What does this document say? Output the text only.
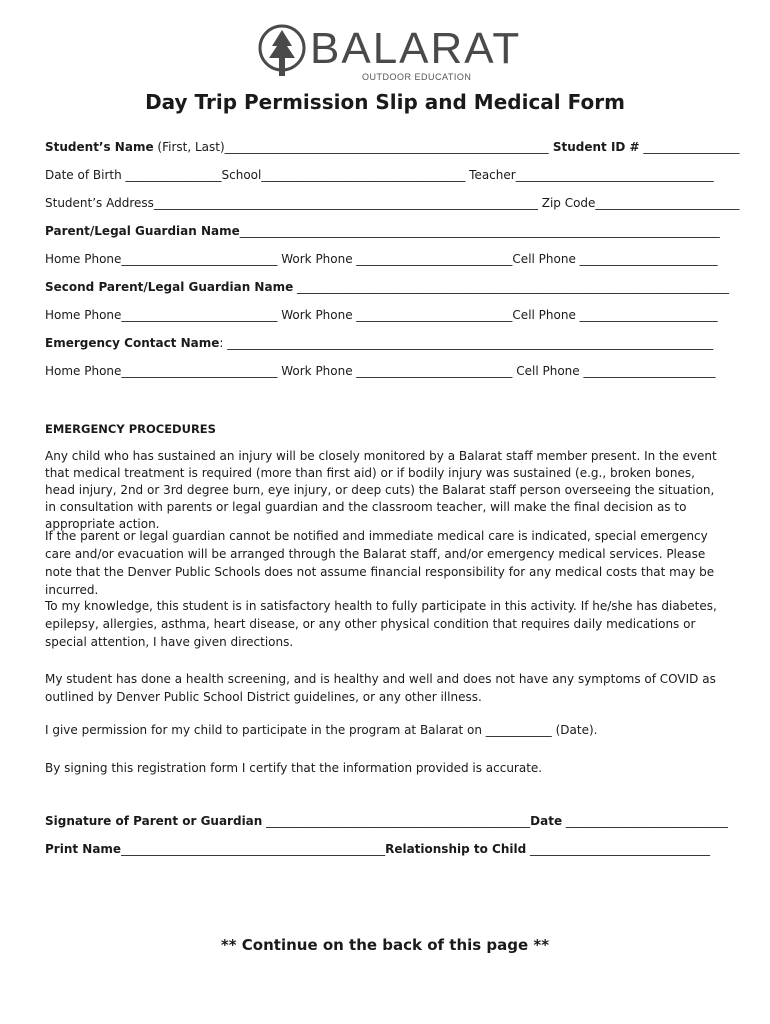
BALARAT
OUTDOOR EDUCATION
Day Trip Permission Slip and Medical Form
Student’s Name (First, Last)______________________________________________________ Student ID # ________________
Date of Birth ________________School__________________________________ Teacher_________________________________
Student’s Address________________________________________________________________ Zip Code________________________
Parent/Legal Guardian Name________________________________________________________________________________
Home Phone__________________________ Work Phone __________________________Cell Phone _______________________
Second Parent/Legal Guardian Name ________________________________________________________________________
Home Phone__________________________ Work Phone __________________________Cell Phone _______________________
Emergency Contact Name: _________________________________________________________________________________
Home Phone__________________________ Work Phone __________________________ Cell Phone ______________________
EMERGENCY PROCEDURES
Any child who has sustained an injury will be closely monitored by a Balarat staff member present. In the event that medical treatment is required (more than first aid) or if bodily injury was sustained (e.g., broken bones, head injury, 2nd or 3rd degree burn, eye injury, or deep cuts) the Balarat staff person overseeing the situation, in consultation with parents or legal guardian and the classroom teacher, will make the final decision as to appropriate action.
If the parent or legal guardian cannot be notified and immediate medical care is indicated, special emergency care and/or evacuation will be arranged through the Balarat staff, and/or emergency medical services. Please note that the Denver Public Schools does not assume financial responsibility for any medical costs that may be incurred.
To my knowledge, this student is in satisfactory health to fully participate in this activity. If he/she has diabetes, epilepsy, allergies, asthma, heart disease, or any other physical condition that requires daily medications or special attention, I have given directions.
My student has done a health screening, and is healthy and well and does not have any symptoms of COVID as outlined by Denver Public School District guidelines, or any other illness.
I give permission for my child to participate in the program at Balarat on ___________ (Date).
By signing this registration form I certify that the information provided is accurate.
Signature of Parent or Guardian ____________________________________________Date ___________________________
Print Name____________________________________________Relationship to Child ______________________________
** Continue on the back of this page **
